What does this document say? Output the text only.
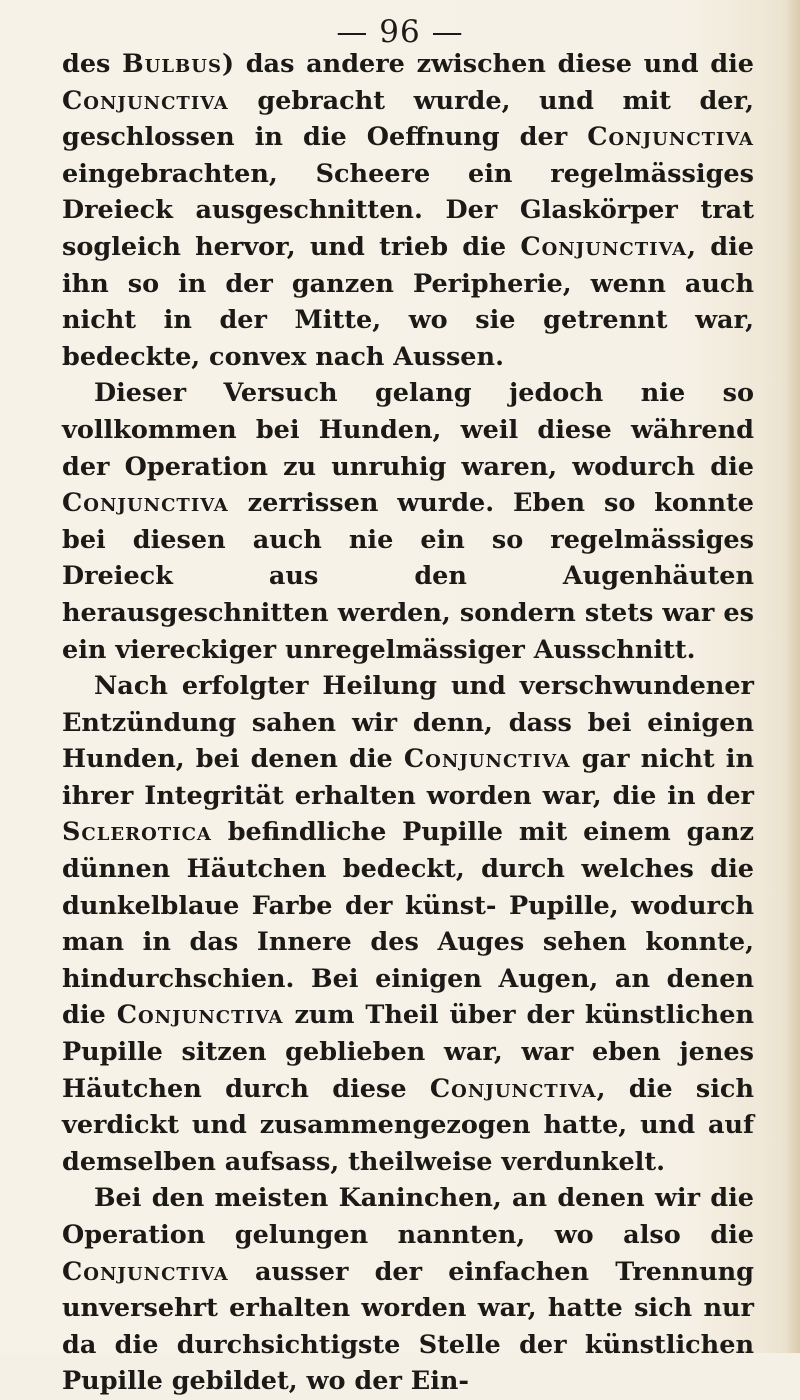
— 96 —

des Bulbus) das andere zwischen diese und die Conjunctiva gebracht wurde, und mit der, geschlossen in die Oeffnung der Conjunctiva eingebrachten, Scheere ein regelmässiges Dreieck ausgeschnitten. Der Glaskörper trat sogleich hervor, und trieb die Conjunctiva, die ihn so in der ganzen Peripherie, wenn auch nicht in der Mitte, wo sie getrennt war, bedeckte, convex nach Aussen.

Dieser Versuch gelang jedoch nie so vollkommen bei Hunden, weil diese während der Operation zu unruhig waren, wodurch die Conjunctiva zerrissen wurde. Eben so konnte bei diesen auch nie ein so regelmässiges Dreieck aus den Augenhäuten herausgeschnitten werden, sondern stets war es ein viereckiger unregelmässiger Ausschnitt.

Nach erfolgter Heilung und verschwundener Entzündung sahen wir denn, dass bei einigen Hunden, bei denen die Conjunctiva gar nicht in ihrer Integrität erhalten worden war, die in der Sclerotica befindliche Pupille mit einem ganz dünnen Häutchen bedeckt, durch welches die dunkelblaue Farbe der künst- Pupille, wodurch man in das Innere des Auges sehen konnte, hindurchschien. Bei einigen Augen, an denen die Conjunctiva zum Theil über der künstlichen Pupille sitzen geblieben war, war eben jenes Häutchen durch diese Conjunctiva, die sich verdickt und zusammengezogen hatte, und auf demselben aufsass, theilweise verdunkelt.

Bei den meisten Kaninchen, an denen wir die Operation gelungen nannten, wo also die Conjunctiva ausser der einfachen Trennung unversehrt erhalten worden war, hatte sich nur da die durchsichtigste Stelle der künstlichen Pupille gebildet, wo der Ein-
